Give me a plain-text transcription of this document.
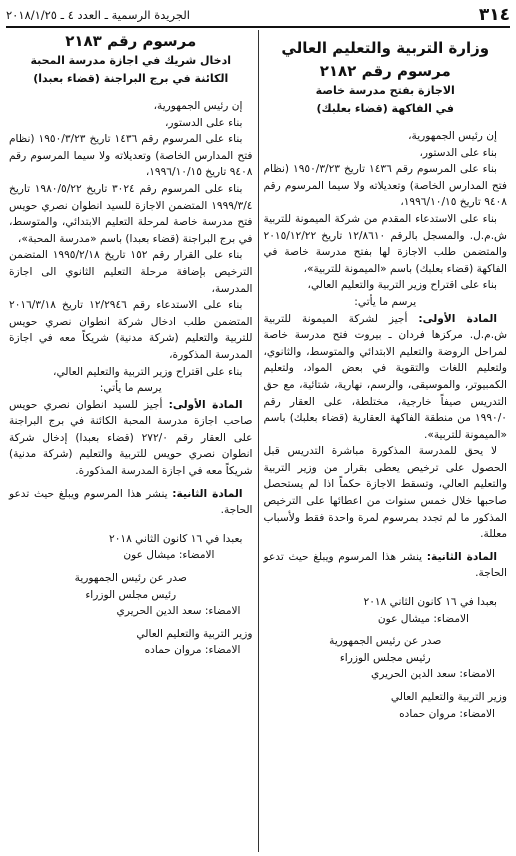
٣١٤
الجريدة الرسمية ـ العدد ٤ ـ ٢٠١٨/١/٢٥
وزارة التربية والتعليم العالي
مرسوم رقم ٢١٨٢
الاجازة بفتح مدرسة خاصة
في الفاكهة (قضاء بعلبك)

إن رئيس الجمهورية،

بناء على الدستور،

بناء على المرسوم رقم ١٤٣٦ تاريخ ١٩٥٠/٣/٢٣ (نظام فتح المدارس الخاصة) وتعديلاته ولا سيما المرسوم رقم ٩٤٠٨ تاريخ ١٩٩٦/١٠/١٥،

بناء على الاستدعاء المقدم من شركة الميمونة للتربية ش.م.ل. والمسجل بالرقم ١٢/٨٦١٠ تاريخ ٢٠١٥/١٢/٢٢ والمتضمن طلب الاجازة لها بفتح مدرسة خاصة في الفاكهة (قضاء بعلبك) باسم «الميمونة للتربية»،

بناء على اقتراح وزير التربية والتعليم العالي،

يرسم ما يأتي:

المادة الأولى: أجيز لشركة الميمونة للتربية ش.م.ل. مركزها فردان ـ بيروت فتح مدرسة خاصة لمراحل الروضة والتعليم الابتدائي والمتوسط، والثانوي، ولتعليم اللغات والتقوية في بعض المواد، ولتعليم الكمبيوتر، والموسيقى، والرسم، نهارية، شتائية، مع حق التدريس صيفاً خارجية، مختلطة، على العقار رقم ١٩٩٠/٠ من منطقة الفاكهة العقارية (قضاء بعلبك) باسم «الميمونة للتربية».

لا يحق للمدرسة المذكورة مباشرة التدريس قبل الحصول على ترخيص يعطى بقرار من وزير التربية والتعليم العالي، وتسقط الاجازة حكماً اذا لم يستحصل صاحبها خلال خمس سنوات من اعطائها على الترخيص المذكور ما لم تجدد بمرسوم لمرة واحدة فقط ولأسباب معللة.

المادة الثانية: ينشر هذا المرسوم ويبلغ حيث تدعو الحاجة.

بعبدا في ١٦ كانون الثاني ٢٠١٨

الامضاء: ميشال عون

صدر عن رئيس الجمهورية

رئيس مجلس الوزراء

الامضاء: سعد الدين الحريري

وزير التربية والتعليم العالي

الامضاء: مروان حماده

مرسوم رقم ٢١٨٣
ادخال شريك في اجازة مدرسة المحبة
الكائنة في برج البراجنة (قضاء بعبدا)

إن رئيس الجمهورية،

بناء على الدستور،

بناء على المرسوم رقم ١٤٣٦ تاريخ ١٩٥٠/٣/٢٣ (نظام فتح المدارس الخاصة) وتعديلاته ولا سيما المرسوم رقم ٩٤٠٨ تاريخ ١٩٩٦/١٠/١٥،

بناء على المرسوم رقم ٣٠٢٤ تاريخ ١٩٨٠/٥/٢٢ تاريخ ١٩٩٩/٣/٤ المتضمن الاجازة للسيد انطوان نصري حويس فتح مدرسة خاصة لمرحلة التعليم الابتدائي، والمتوسط، في برج البراجنة (قضاء بعبدا) باسم «مدرسة المحبة»،

بناء على القرار رقم ١٥٢ تاريخ ١٩٩٥/٢/١٨ المتضمن الترخيص بإضافة مرحلة التعليم الثانوي الى اجازة المدرسة،

بناء على الاستدعاء رقم ١٢/٢٩٤٦ تاريخ ٢٠١٦/٣/١٨ المتضمن طلب ادخال شركة انطوان نصري حويس للتربية والتعليم (شركة مدنية) شريكاً معه في اجازة المدرسة المذكورة،

بناء على اقتراح وزير التربية والتعليم العالي،

يرسم ما يأتي:

المادة الأولى: أجيز للسيد انطوان نصري حويس صاحب اجازة مدرسة المحبة الكائنة في برج البراجنة على العقار رقم ٢٧٢/٠ (قضاء بعبدا) إدخال شركة انطوان نصري حويس للتربية والتعليم (شركة مدنية) شريكاً معه في اجازة المدرسة المذكورة.

المادة الثانية: ينشر هذا المرسوم ويبلغ حيث تدعو الحاجة.

بعبدا في ١٦ كانون الثاني ٢٠١٨

الامضاء: ميشال عون

صدر عن رئيس الجمهورية

رئيس مجلس الوزراء

الامضاء: سعد الدين الحريري

وزير التربية والتعليم العالي

الامضاء: مروان حماده
